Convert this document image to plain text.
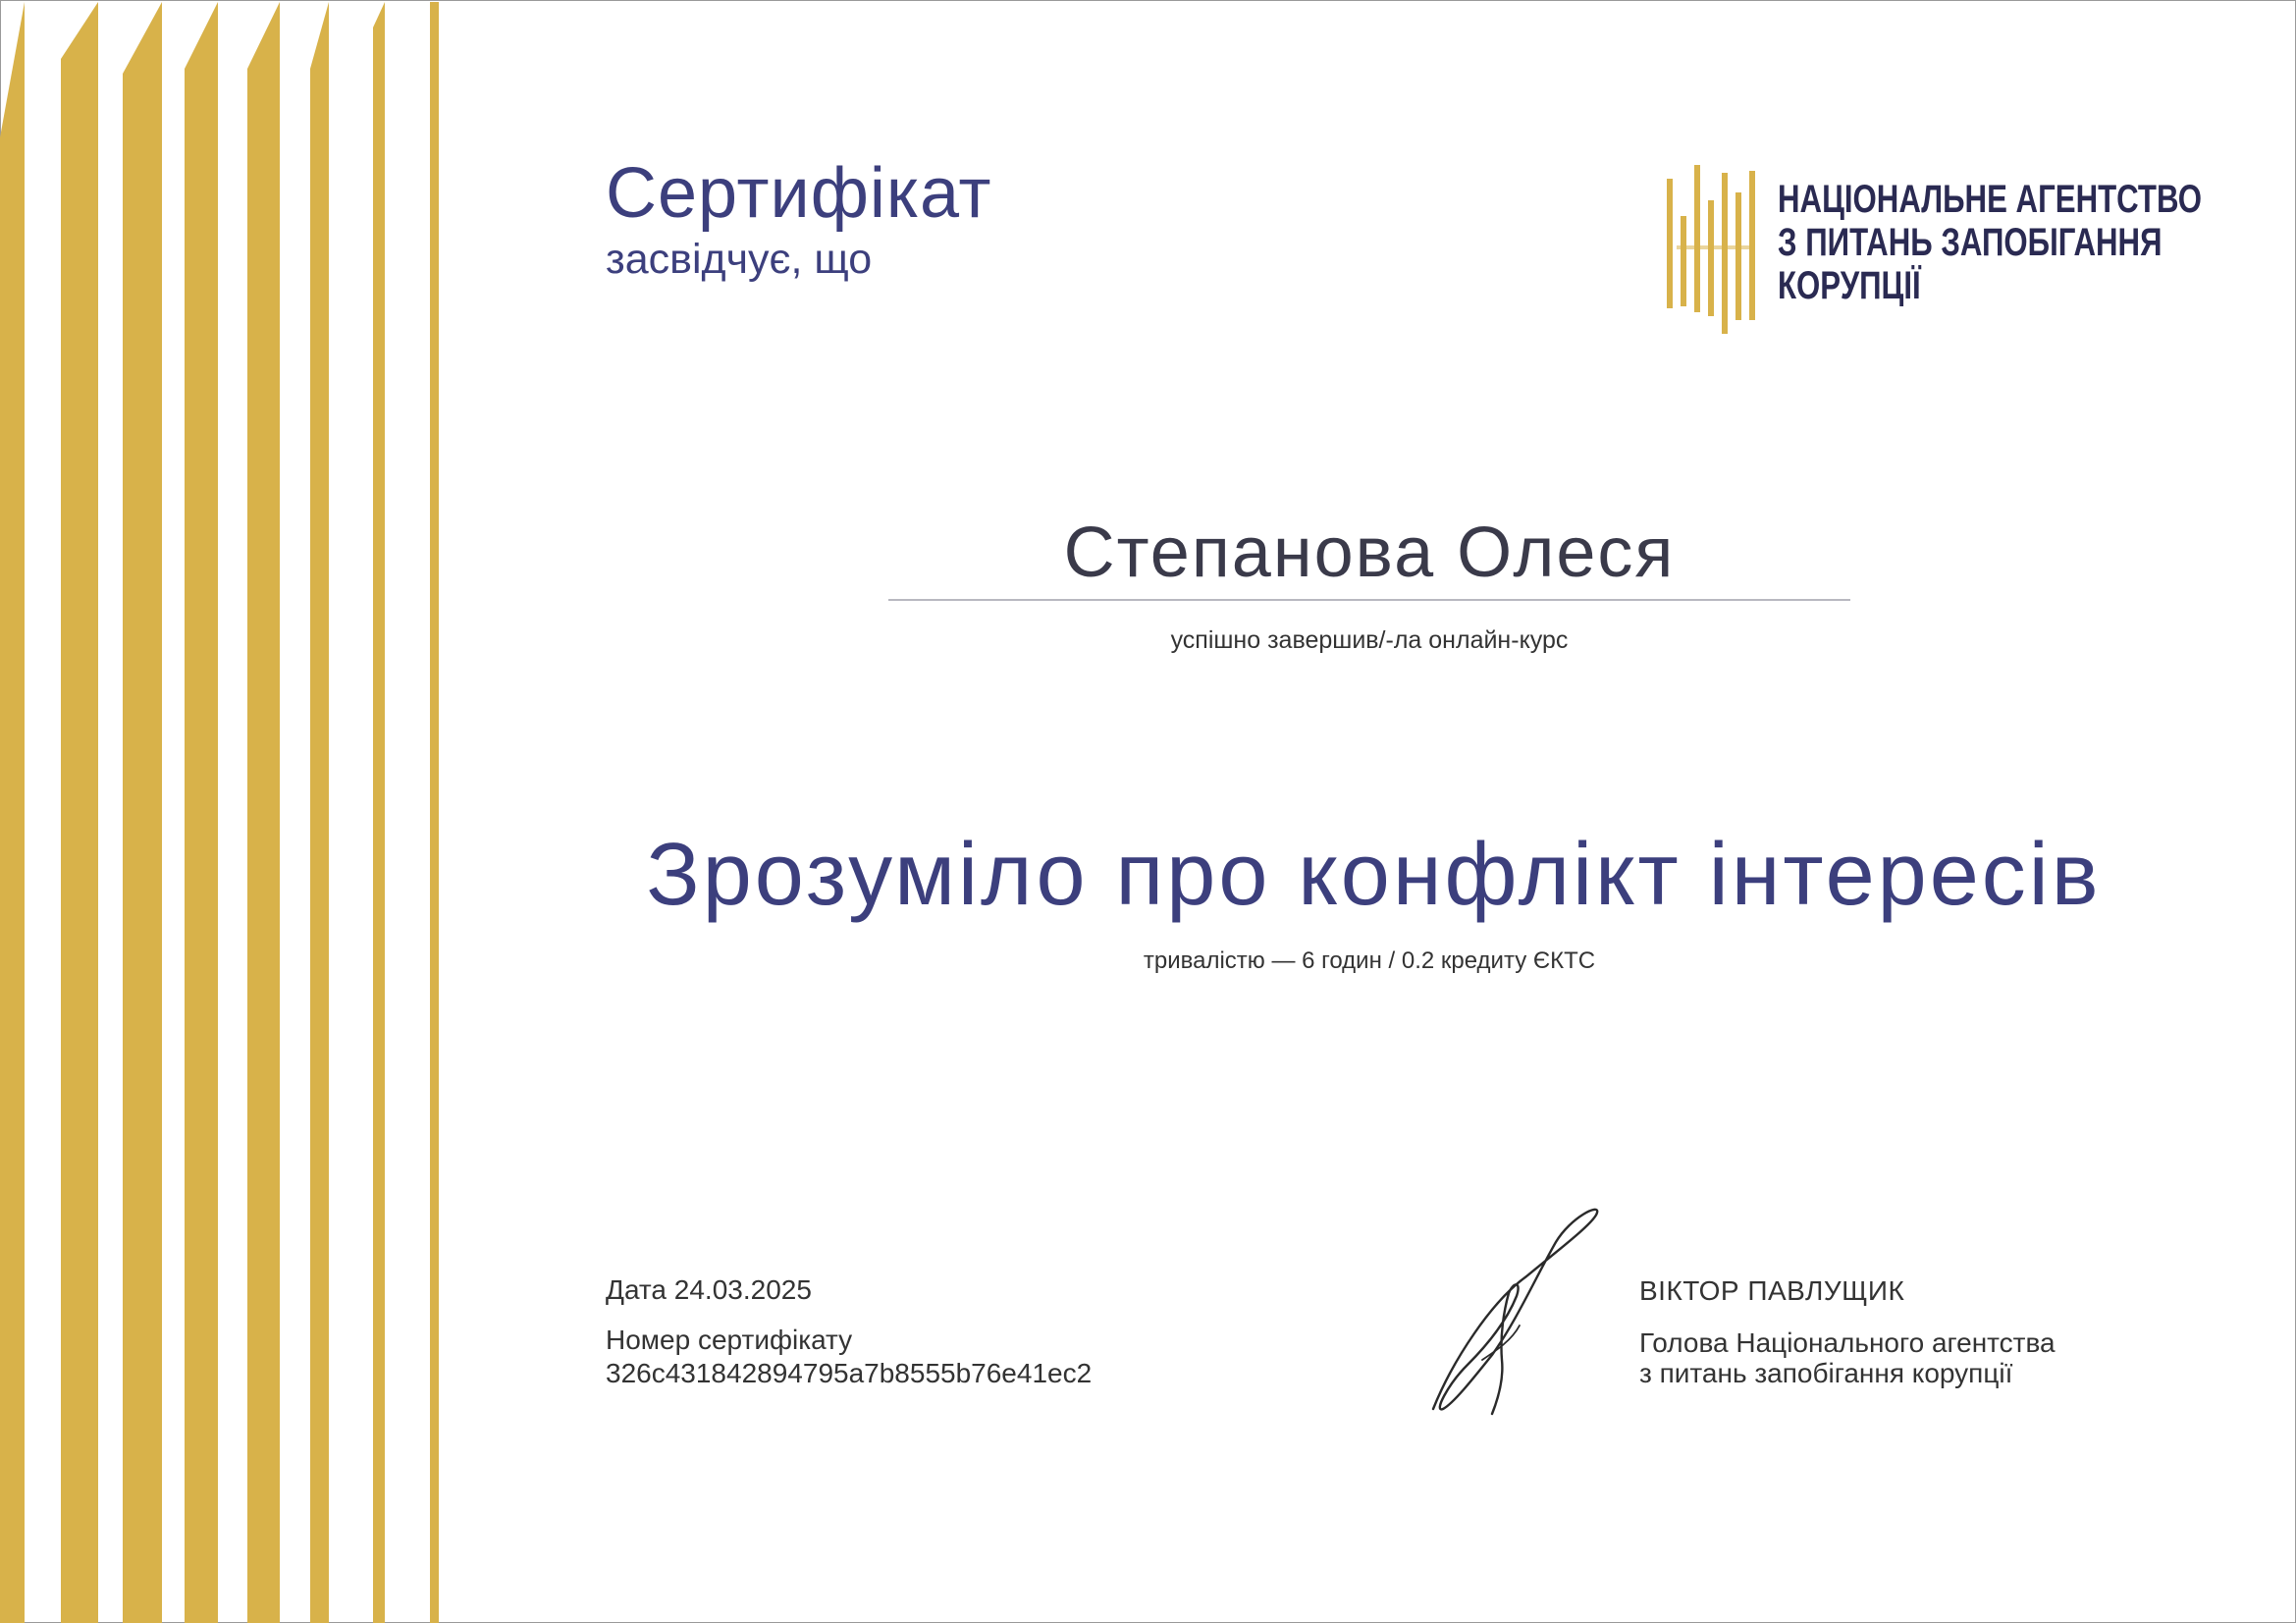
Сертифікат
засвідчує, що
НАЦІОНАЛЬНЕ АГЕНТСТВО
З ПИТАНЬ ЗАПОБІГАННЯ
КОРУПЦІЇ
Степанова Олеся
успішно завершив/-ла онлайн-курс
Зрозуміло про конфлікт інтересів
тривалістю — 6 годин / 0.2 кредиту ЄКТС
Дата 24.03.2025
Номер сертифікату
326c431842894795a7b8555b76e41ec2
ВІКТОР ПАВЛУЩИК
Голова Національного агентства
з питань запобігання корупції
